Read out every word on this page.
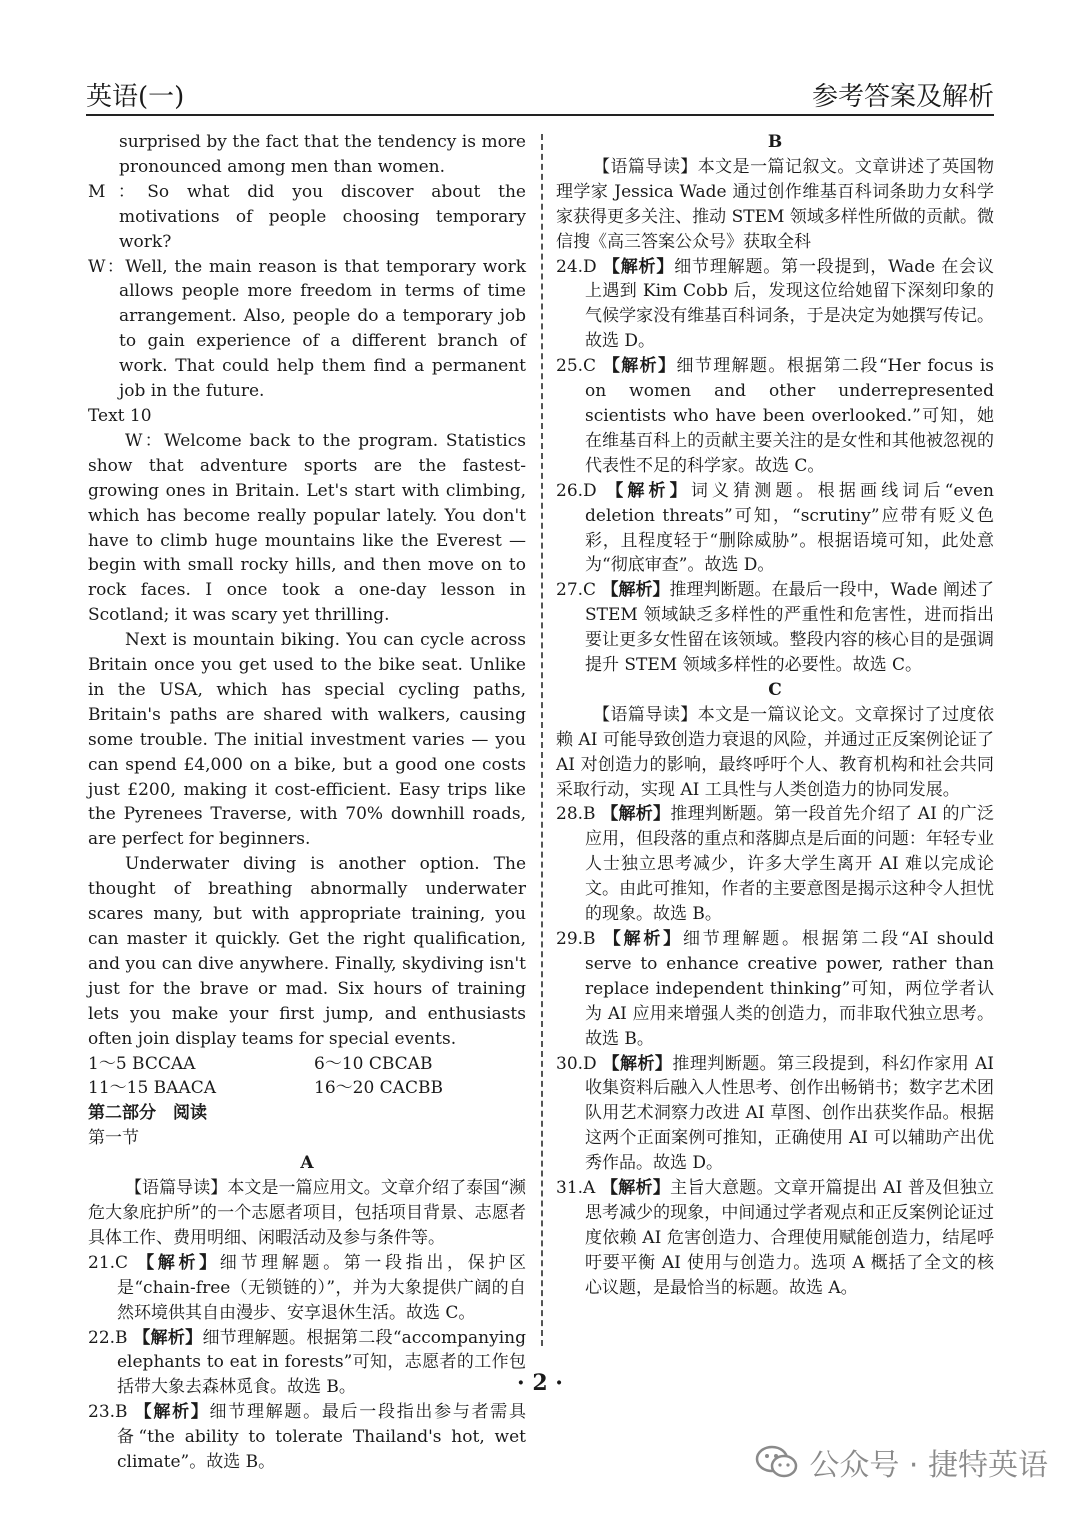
英语(一)	参考答案及解析

surprised by the fact that the tendency is more pronounced among men than women.

M：So what did you discover about the motivations of people choosing temporary work?

W：Well, the main reason is that temporary work allows people more freedom in terms of time arrangement. Also, people do a temporary job to gain experience of a different branch of work. That could help them find a permanent job in the future.

Text 10

W：Welcome back to the program. Statistics show that adventure sports are the fastest-growing ones in Britain. Let's start with climbing, which has become really popular lately. You don't have to climb huge mountains like the Everest — begin with small rocky hills, and then move on to rock faces. I once took a one-day lesson in Scotland; it was scary yet thrilling.

Next is mountain biking. You can cycle across Britain once you get used to the bike seat. Unlike in the USA, which has special cycling paths, Britain's paths are shared with walkers, causing some trouble. The initial investment varies — you can spend £4,000 on a bike, but a good one costs just £200, making it cost-efficient. Easy trips like the Pyrenees Traverse, with 70% downhill roads, are perfect for beginners.

Underwater diving is another option. The thought of breathing abnormally underwater scares many, but with appropriate training, you can master it quickly. Get the right qualification, and you can dive anywhere. Finally, skydiving isn't just for the brave or mad. Six hours of training lets you make your first jump, and enthusiasts often join display teams for special events.

1～5 BCCAA	6～10 CBCAB
11～15 BAACA	16～20 CACBB

第二部分　阅读

第一节

A

【语篇导读】本文是一篇应用文。文章介绍了泰国“濒危大象庇护所”的一个志愿者项目，包括项目背景、志愿者具体工作、费用明细、闲暇活动及参与条件等。

21.C 【解析】细节理解题。第一段指出，保护区是“chain-free（无锁链的）”，并为大象提供广阔的自然环境供其自由漫步、安享退休生活。故选 C。

22.B 【解析】细节理解题。根据第二段“accompanying elephants to eat in forests”可知，志愿者的工作包括带大象去森林觅食。故选 B。

23.B 【解析】细节理解题。最后一段指出参与者需具备“the ability to tolerate Thailand's hot, wet climate”。故选 B。

B

【语篇导读】本文是一篇记叙文。文章讲述了英国物理学家 Jessica Wade 通过创作维基百科词条助力女科学家获得更多关注、推动 STEM 领域多样性所做的贡献。微信搜《高三答案公众号》获取全科

24.D 【解析】细节理解题。第一段提到，Wade 在会议上遇到 Kim Cobb 后，发现这位给她留下深刻印象的气候学家没有维基百科词条，于是决定为她撰写传记。故选 D。

25.C 【解析】细节理解题。根据第二段“Her focus is on women and other underrepresented scientists who have been overlooked.”可知，她在维基百科上的贡献主要关注的是女性和其他被忽视的代表性不足的科学家。故选 C。

26.D 【解析】词义猜测题。根据画线词后“even deletion threats”可知，“scrutiny”应带有贬义色彩，且程度轻于“删除威胁”。根据语境可知，此处意为“彻底审查”。故选 D。

27.C 【解析】推理判断题。在最后一段中，Wade 阐述了 STEM 领域缺乏多样性的严重性和危害性，进而指出要让更多女性留在该领域。整段内容的核心目的是强调提升 STEM 领域多样性的必要性。故选 C。

C

【语篇导读】本文是一篇议论文。文章探讨了过度依赖 AI 可能导致创造力衰退的风险，并通过正反案例论证了 AI 对创造力的影响，最终呼吁个人、教育机构和社会共同采取行动，实现 AI 工具性与人类创造力的协同发展。

28.B 【解析】推理判断题。第一段首先介绍了 AI 的广泛应用，但段落的重点和落脚点是后面的问题：年轻专业人士独立思考减少，许多大学生离开 AI 难以完成论文。由此可推知，作者的主要意图是揭示这种令人担忧的现象。故选 B。

29.B 【解析】细节理解题。根据第二段“AI should serve to enhance creative power, rather than replace independent thinking”可知，两位学者认为 AI 应用来增强人类的创造力，而非取代独立思考。故选 B。

30.D 【解析】推理判断题。第三段提到，科幻作家用 AI 收集资料后融入人性思考、创作出畅销书；数字艺术团队用艺术洞察力改进 AI 草图、创作出获奖作品。根据这两个正面案例可推知，正确使用 AI 可以辅助产出优秀作品。故选 D。

31.A 【解析】主旨大意题。文章开篇提出 AI 普及但独立思考减少的现象，中间通过学者观点和正反案例论证过度依赖 AI 危害创造力、合理使用赋能创造力，结尾呼吁要平衡 AI 使用与创造力。选项 A 概括了全文的核心议题，是最恰当的标题。故选 A。

· 2 ·
公众号 · 捷特英语
